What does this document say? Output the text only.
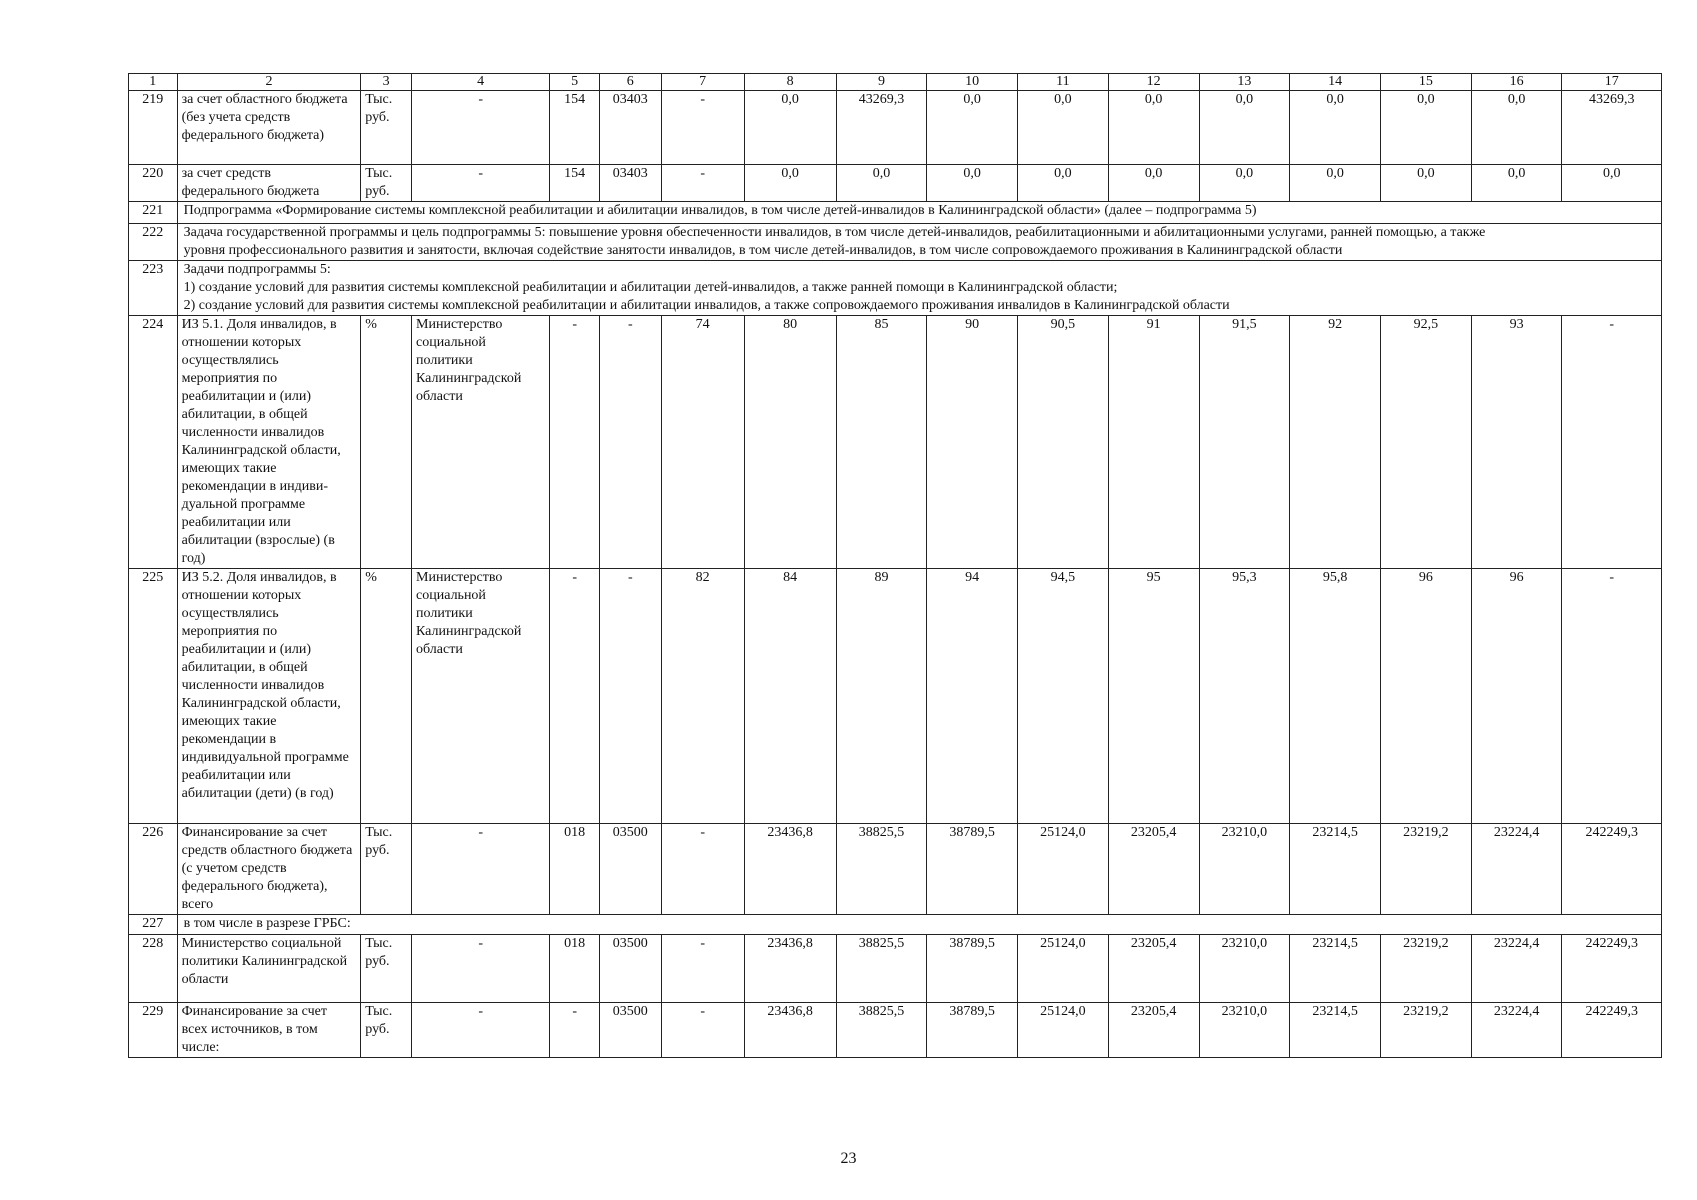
1	2	3	4	5	6	7	8	9	10	11	12	13	14	15	16	17
219	за счет областного бюджета (без учета средств федерального бюджета)	Тыс. руб.	-	154	03403	-	0,0	43269,3	0,0	0,0	0,0	0,0	0,0	0,0	0,0	43269,3
220	за счет средств федерального бюджета	Тыс. руб.	-	154	03403	-	0,0	0,0	0,0	0,0	0,0	0,0	0,0	0,0	0,0	0,0
221	Подпрограмма «Формирование системы комплексной реабилитации и абилитации инвалидов, в том числе детей-инвалидов в Калининградской области» (далее – подпрограмма 5)															

222	Задача государственной программы и цель подпрограммы 5: повышение уровня обеспеченности инвалидов, в том числе детей-инвалидов, реабилитационными и абилитационными услугами, ранней помощью, а также
уровня профессионального развития и занятости, включая содействие занятости инвалидов, в том числе детей-инвалидов, в том числе сопровождаемого проживания в Калининградской области															

223	Задачи подпрограммы 5:
1) создание условий для развития системы комплексной реабилитации и абилитации детей-инвалидов, а также ранней помощи в Калининградской области;
2) создание условий для развития системы комплексной реабилитации и абилитации инвалидов, а также сопровождаемого проживания инвалидов в Калининградской области															

224	ИЗ 5.1. Доля инвалидов, в отношении которых осуществлялись мероприятия по реабилитации и (или) абилитации, в общей численности инвалидов Калининградской области, имеющих такие рекомендации в индиви-дуальной программе реабилитации или абилитации (взрослые) (в год)	%	Министерство социальной политики Калининградской области	-	-	74	80	85	90	90,5	91	91,5	92	92,5	93	-
225	ИЗ 5.2. Доля инвалидов, в отношении которых осуществлялись мероприятия по реабилитации и (или) абилитации, в общей численности инвалидов Калининградской области, имеющих такие рекомендации в индивидуальной программе реабилитации или абилитации (дети) (в год)	%	Министерство социальной политики Калининградской области	-	-	82	84	89	94	94,5	95	95,3	95,8	96	96	-
226	Финансирование за счет средств областного бюджета (с учетом средств федерального бюджета), всего	Тыс. руб.	-	018	03500	-	23436,8	38825,5	38789,5	25124,0	23205,4	23210,0	23214,5	23219,2	23224,4	242249,3
227	в том числе в разрезе ГРБС:															

228	Министерство социальной политики Калининградской области	Тыс. руб.	-	018	03500	-	23436,8	38825,5	38789,5	25124,0	23205,4	23210,0	23214,5	23219,2	23224,4	242249,3
229	Финансирование за счет всех источников, в том числе:	Тыс. руб.	-	-	03500	-	23436,8	38825,5	38789,5	25124,0	23205,4	23210,0	23214,5	23219,2	23224,4	242249,3
23
